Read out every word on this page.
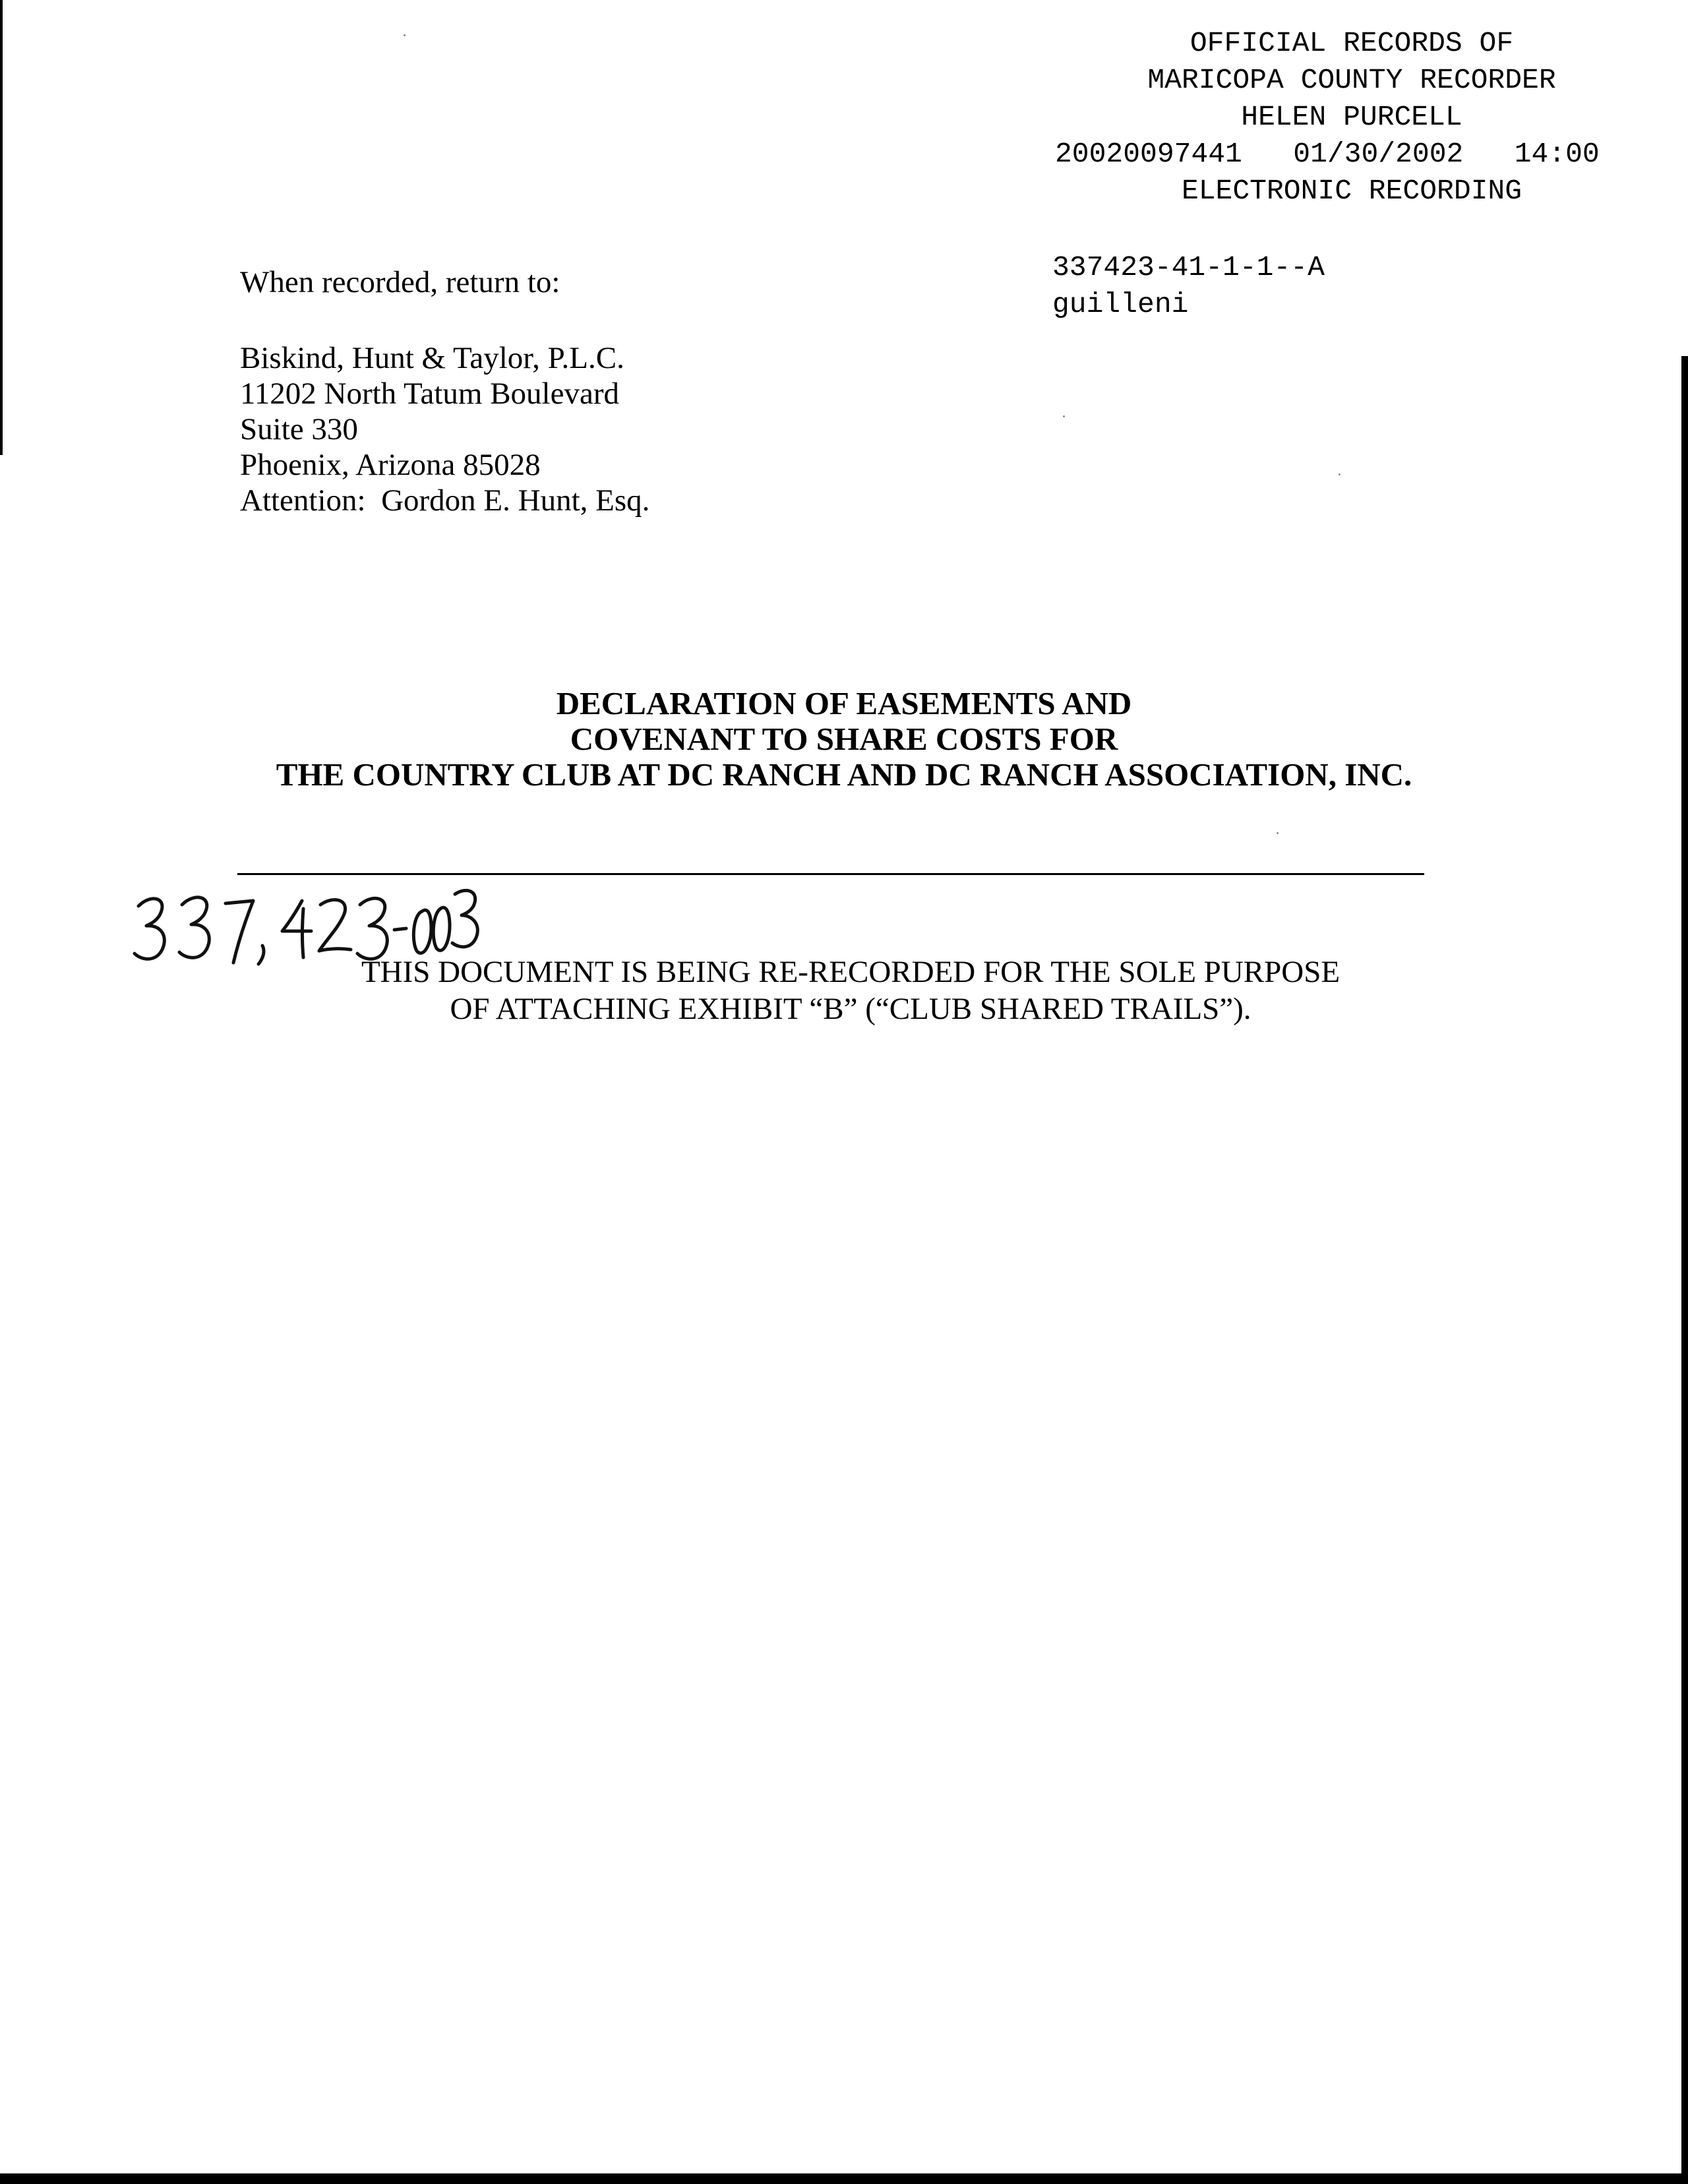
OFFICIAL RECORDS OF
MARICOPA COUNTY RECORDER
HELEN PURCELL
20020097441   01/30/2002   14:00
ELECTRONIC RECORDING
337423-41-1-1--A
guilleni
When recorded, return to:
Biskind, Hunt & Taylor, P.L.C.
11202 North Tatum Boulevard
Suite 330
Phoenix, Arizona 85028
Attention:  Gordon E. Hunt, Esq.
DECLARATION OF EASEMENTS AND
COVENANT TO SHARE COSTS FOR
THE COUNTRY CLUB AT DC RANCH AND DC RANCH ASSOCIATION, INC.
THIS DOCUMENT IS BEING RE-RECORDED FOR THE SOLE PURPOSE
OF ATTACHING EXHIBIT “B” (“CLUB SHARED TRAILS”).
